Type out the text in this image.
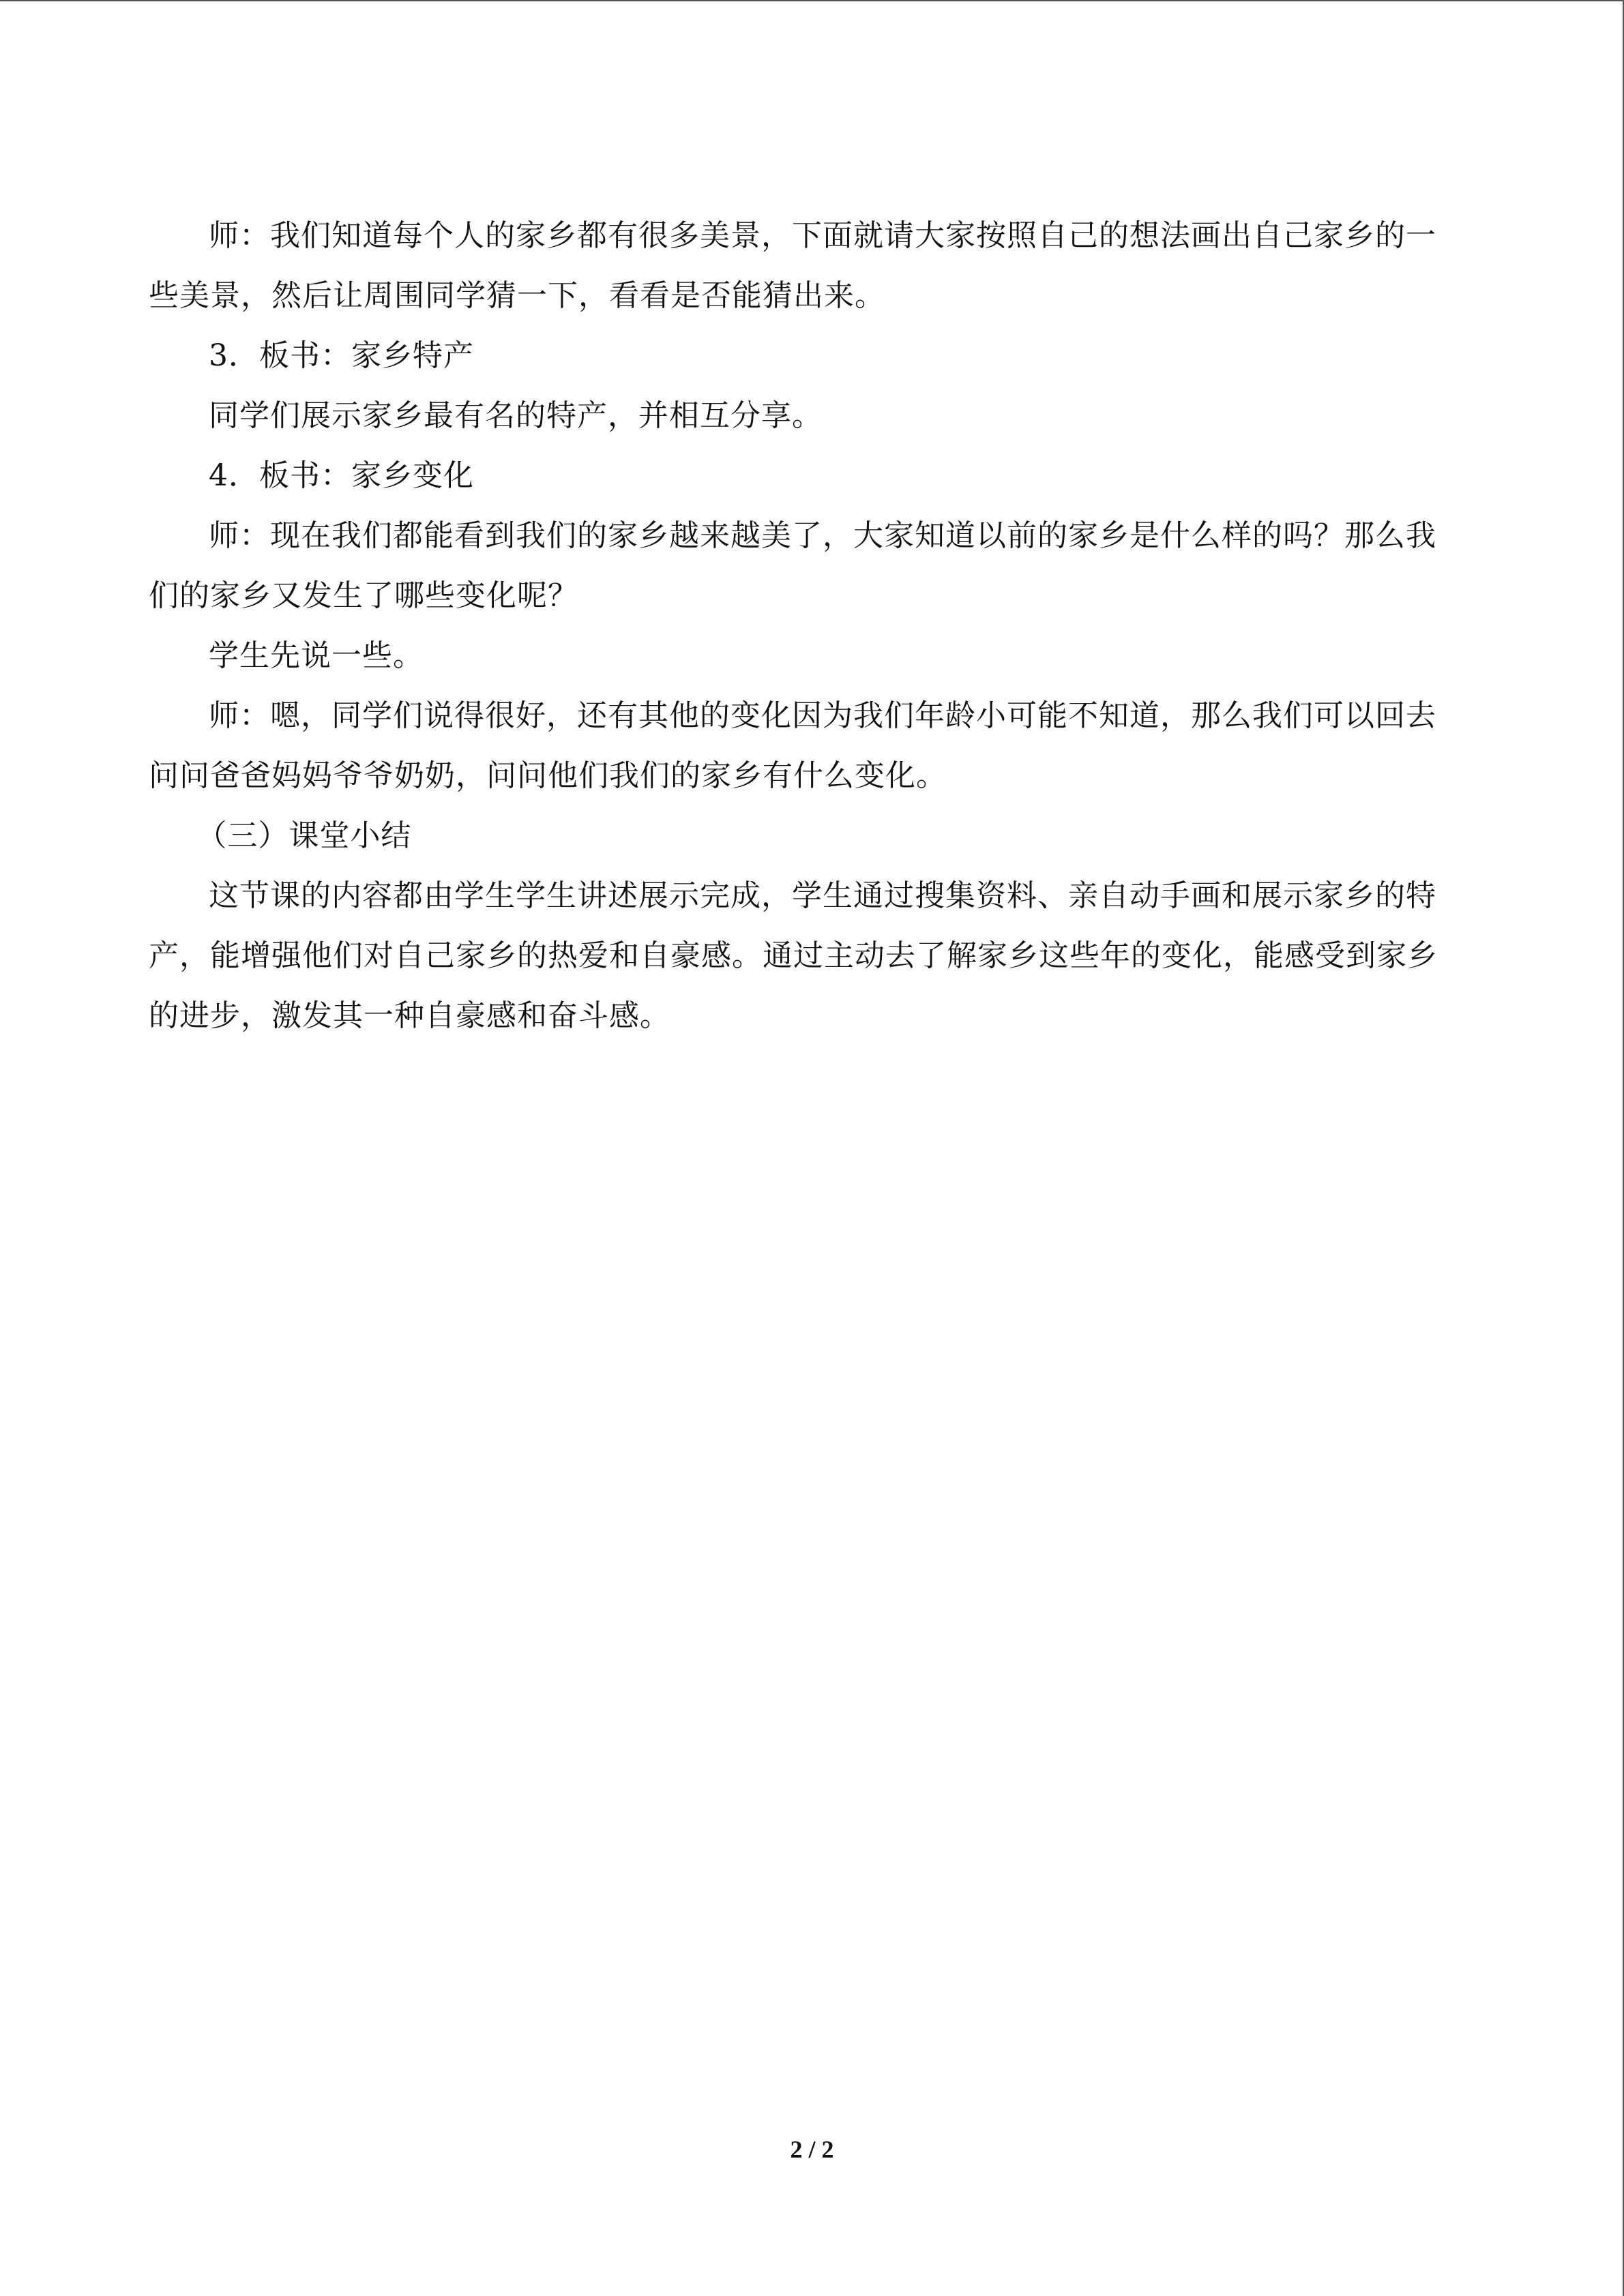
师：我们知道每个人的家乡都有很多美景，下面就请大家按照自己的想法画出自己家乡的一些美景，然后让周围同学猜一下，看看是否能猜出来。

3．板书：家乡特产

同学们展示家乡最有名的特产，并相互分享。

4．板书：家乡变化

师：现在我们都能看到我们的家乡越来越美了，大家知道以前的家乡是什么样的吗？那么我们的家乡又发生了哪些变化呢？

学生先说一些。

师：嗯，同学们说得很好，还有其他的变化因为我们年龄小可能不知道，那么我们可以回去问问爸爸妈妈爷爷奶奶，问问他们我们的家乡有什么变化。

（三）课堂小结

这节课的内容都由学生学生讲述展示完成，学生通过搜集资料、亲自动手画和展示家乡的特产，能增强他们对自己家乡的热爱和自豪感。通过主动去了解家乡这些年的变化，能感受到家乡的进步，激发其一种自豪感和奋斗感。

2 / 2
